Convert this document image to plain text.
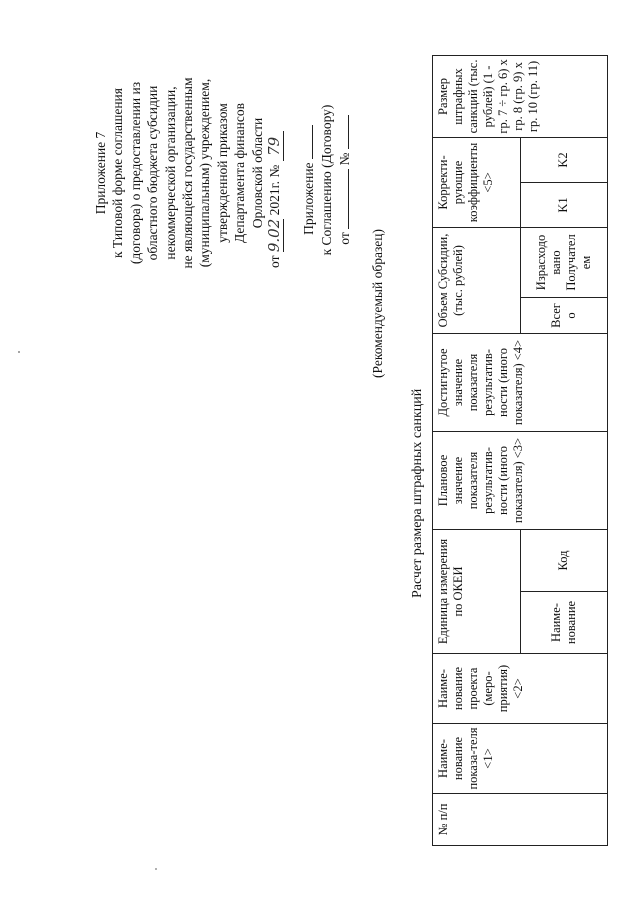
Приложение 7 к Типовой форме соглашения (договора) о предоставлении из областного бюджета субсидии некоммерческой организации, не являющейся государственным (муниципальным) учреждением, утвержденной приказом Департамента финансов Орловской области
от 9.02 2021г. № 79
Приложение к Соглашению (Договору) от  №
(Рекомендуемый образец)
Расчет размера штрафных санкций
№ п/п	Наиме-нование показа-теля <1>	Наиме-нование проекта (меро-приятия) <2>	Единица измерения по ОКЕИ		Плановое значение показателя результатив-ности (иного показателя) <3>	Достигнутое значение показателя результатив-ности (иного показателя) <4>	Объем Субсидии, (тыс. рублей)		Корректи-рующие коэффициенты <5>		Размер штрафных санкций (тыс. рублей) (1 - гр. 7 ÷ гр. 6) x гр. 8 (гр. 9) x гр. 10 (гр. 11)
			Наиме-нование	Код			Всег о	Израсходо вано Получател ем	K1	K2	
